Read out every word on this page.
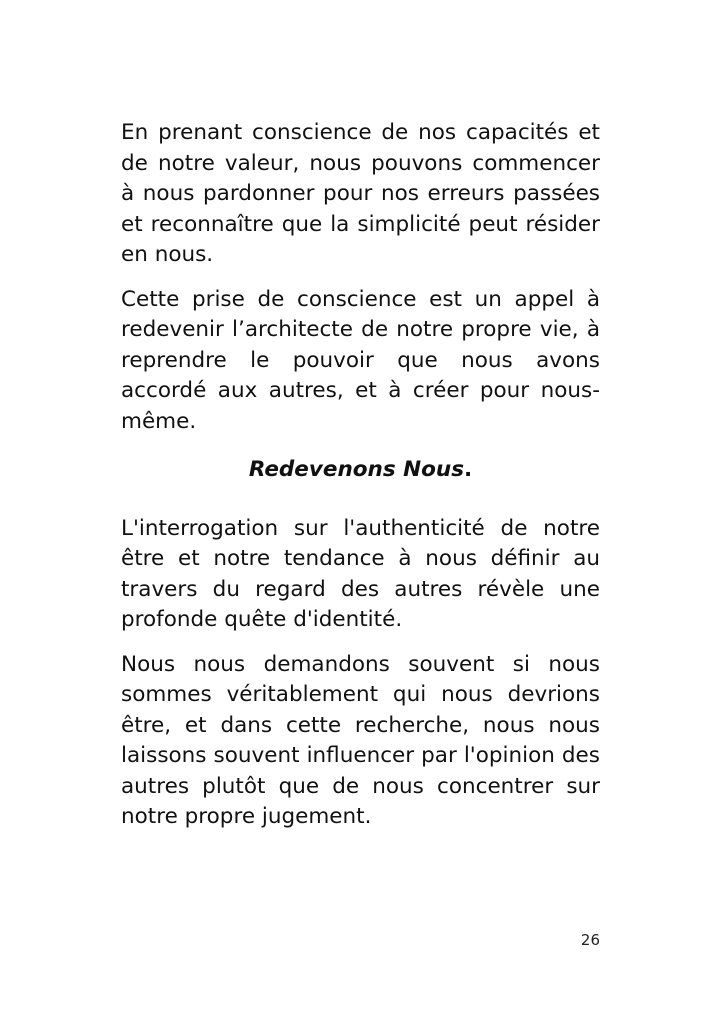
En prenant conscience de nos capacités et de notre valeur, nous pouvons commencer à nous pardonner pour nos erreurs passées et reconnaître que la simplicité peut résider en nous.

Cette prise de conscience est un appel à redevenir l’architecte de notre propre vie, à reprendre le pouvoir que nous avons accordé aux autres, et à créer pour nous-même.

Redevenons Nous.

L'interrogation sur l'authenticité de notre être et notre tendance à nous définir au travers du regard des autres révèle une profonde quête d'identité.

Nous nous demandons souvent si nous sommes véritablement qui nous devrions être, et dans cette recherche, nous nous laissons souvent influencer par l'opinion des autres plutôt que de nous concentrer sur notre propre jugement.

26
